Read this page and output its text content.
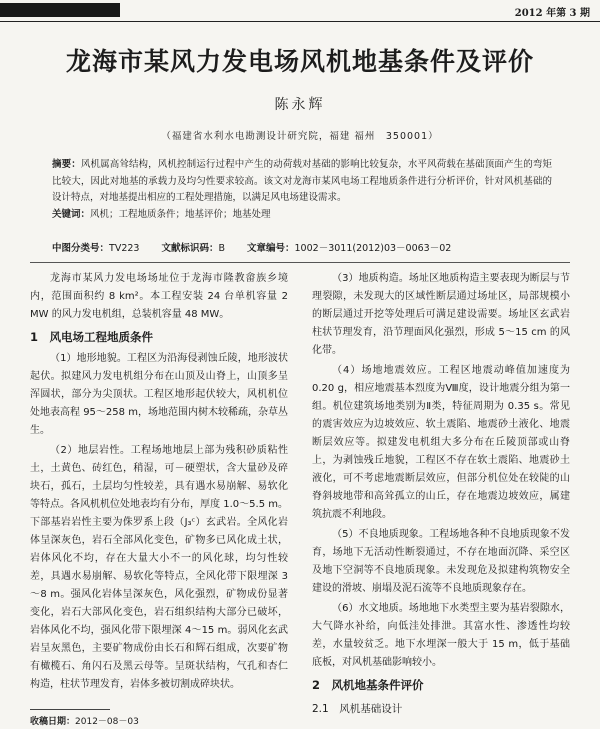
2012 年第 3 期
龙海市某风力发电场风机地基条件及评价
陈永辉
（福建省水利水电勘测设计研究院，福建 福州　350001）
摘要：风机属高耸结构，风机控制运行过程中产生的动荷载对基础的影响比较复杂，水平风荷载在基础顶面产生的弯矩比较大，因此对地基的承载力及均匀性要求较高。该文对龙海市某风电场工程地质条件进行分析评价，针对风机基础的设计特点，对地基提出相应的工程处理措施，以满足风电场建设需求。
关键词：风机；工程地质条件；地基评价；地基处理
中图分类号：TV223 文献标识码：B 文章编号：1002－3011(2012)03－0063－02

龙海市某风力发电场场址位于龙海市隆教畲族乡境内，范围面积约 8 km²。本工程安装 24 台单机容量 2 MW 的风力发电机组，总装机容量 48 MW。

1　风电场工程地质条件

（1）地形地貌。工程区为沿海侵剥蚀丘陵，地形波状起伏。拟建风力发电机组分布在山顶及山脊上，山顶多呈浑圆状，部分为尖顶状。工程区地形起伏较大，风机机位处地表高程 95～258 m，场地范围内树木较稀疏，杂草丛生。

（2）地层岩性。工程场地地层上部为残积砂质粘性土，土黄色、砖红色，稍湿，可－硬塑状，含大量砂及碎块石，孤石，土层均匀性较差，具有遇水易崩解、易软化等特点。各风机机位处地表均有分布，厚度 1.0～5.5 m。下部基岩岩性主要为侏罗系上段（J₃ᶜ）玄武岩。全风化岩体呈深灰色，岩石全部风化变色，矿物多已风化成土状，岩体风化不均，存在大量大小不一的风化球，均匀性较差，具遇水易崩解、易软化等特点，全风化带下限埋深 3～8 m。强风化岩体呈深灰色，风化强烈，矿物成份显著变化，岩石大部风化变色，岩石组织结构大部分已破坏，岩体风化不均，强风化带下限埋深 4～15 m。弱风化玄武岩呈灰黑色，主要矿物成份由长石和辉石组成，次要矿物有橄榄石、角闪石及黑云母等。呈斑状结构，气孔和杏仁构造，柱状节理发育，岩体多被切割成碎块状。

（3）地质构造。场址区地质构造主要表现为断层与节理裂隙，未发现大的区域性断层通过场址区，局部规模小的断层通过开挖等处理后可满足建设需要。场址区玄武岩柱状节理发育，沿节理面风化强烈，形成 5～15 cm 的风化带。

（4）场地地震效应。工程区地震动峰值加速度为 0.20 g，相应地震基本烈度为Ⅷ度，设计地震分组为第一组。机位建筑场地类别为Ⅱ类，特征周期为 0.35 s。常见的震害效应为边坡效应、软土震陷、地震砂土液化、地震断层效应等。拟建发电机组大多分布在丘陵顶部或山脊上，为剥蚀残丘地貌，工程区不存在软土震陷、地震砂土液化，可不考虑地震断层效应，但部分机位处在较陡的山脊斜坡地带和高耸孤立的山丘，存在地震边坡效应，属建筑抗震不利地段。

（5）不良地质现象。工程场地各种不良地质现象不发育，场地下无活动性断裂通过，不存在地面沉降、采空区及地下空洞等不良地质现象。未发现危及拟建构筑物安全建设的滑坡、崩塌及泥石流等不良地质现象存在。

（6）水文地质。场地地下水类型主要为基岩裂隙水，大气降水补给，向低洼处排泄。其富水性、渗透性均较差，水量较贫乏。地下水埋深一般大于 15 m，低于基础底板，对风机基础影响较小。

2　风机地基条件评价
2.1　风机基础设计
收稿日期：2012－08－03
